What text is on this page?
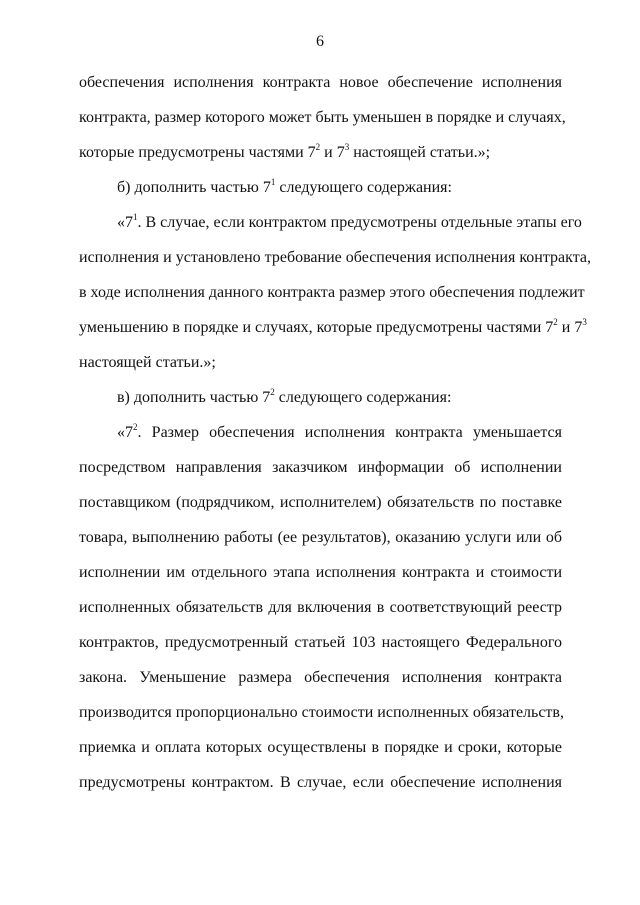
6
обеспечения исполнения контракта новое обеспечение исполнения
контракта, размер которого может быть уменьшен в порядке и случаях,
которые предусмотрены частями $7^2$ и $7^3$ настоящей статьи.»;
б) дополнить частью $7^1$ следующего содержания:
«$7^1$. В случае, если контрактом предусмотрены отдельные этапы его
исполнения и установлено требование обеспечения исполнения контракта,
в ходе исполнения данного контракта размер этого обеспечения подлежит
уменьшению в порядке и случаях, которые предусмотрены частями $7^2$ и $7^3$
настоящей статьи.»;
в) дополнить частью $7^2$ следующего содержания:
«$7^2$. Размер обеспечения исполнения контракта уменьшается
посредством направления заказчиком информации об исполнении
поставщиком (подрядчиком, исполнителем) обязательств по поставке
товара, выполнению работы (ее результатов), оказанию услуги или об
исполнении им отдельного этапа исполнения контракта и стоимости
исполненных обязательств для включения в соответствующий реестр
контрактов, предусмотренный статьей 103 настоящего Федерального
закона. Уменьшение размера обеспечения исполнения контракта
производится пропорционально стоимости исполненных обязательств,
приемка и оплата которых осуществлены в порядке и сроки, которые
предусмотрены контрактом. В случае, если обеспечение исполнения
